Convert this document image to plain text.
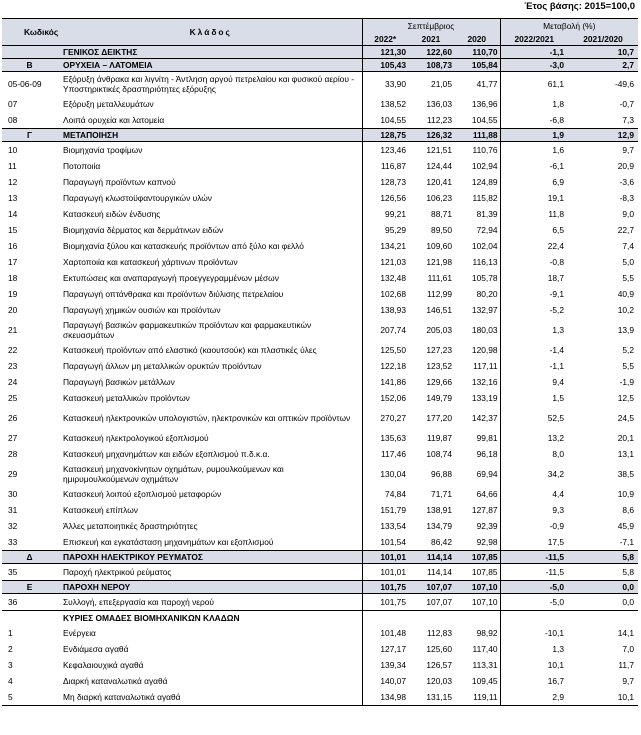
Έτος βάσης: 2015=100,0
Κωδικός	Κλάδος	Σεπτέμβριος			Μεταβολή (%)	
		2022*	2021	2020	2022/2021	2021/2020
	ΓΕΝΙΚΟΣ ΔΕΙΚΤΗΣ	121,30	122,60	110,70	-1,1	10,7
Β	ΟΡΥΧΕΙΑ – ΛΑΤΟΜΕΙΑ	105,43	108,73	105,84	-3,0	2,7
05-06-09	Εξόρυξη άνθρακα και λιγνίτη - Άντληση αργού πετρελαίου και φυσικού αερίου - Υποστηρικτικές δραστηριότητες εξόρυξης	33,90	21,05	41,77	61,1	-49,6
07	Εξόρυξη μεταλλευμάτων	138,52	136,03	136,96	1,8	-0,7
08	Λοιπά ορυχεία και λατομεία	104,55	112,23	104,55	-6,8	7,3
Γ	ΜΕΤΑΠΟΙΗΣΗ	128,75	126,32	111,88	1,9	12,9
10	Βιομηχανία τροφίμων	123,46	121,51	110,76	1,6	9,7
11	Ποτοποιία	116,87	124,44	102,94	-6,1	20,9
12	Παραγωγή προϊόντων καπνού	128,73	120,41	124,89	6,9	-3,6
13	Παραγωγή κλωστοϋφαντουργικών υλών	126,56	106,23	115,82	19,1	-8,3
14	Κατασκευή ειδών ένδυσης	99,21	88,71	81,39	11,8	9,0
15	Βιομηχανία δέρματος και δερμάτινων ειδών	95,29	89,50	72,94	6,5	22,7
16	Βιομηχανία ξύλου και κατασκευής προϊόντων από ξύλο και φελλό	134,21	109,60	102,04	22,4	7,4
17	Χαρτοποιία και κατασκευή χάρτινων προϊόντων	121,03	121,98	116,13	-0,8	5,0
18	Εκτυπώσεις και αναπαραγωγή προεγγεγραμμένων μέσων	132,48	111,61	105,78	18,7	5,5
19	Παραγωγή οπτάνθρακα και προϊόντων διύλισης πετρελαίου	102,68	112,99	80,20	-9,1	40,9
20	Παραγωγή χημικών ουσιών και προϊόντων	138,93	146,51	132,97	-5,2	10,2
21	Παραγωγή βασικών φαρμακευτικών προϊόντων και φαρμακευτικών σκευασμάτων	207,74	205,03	180,03	1,3	13,9
22	Κατασκευή προϊόντων από ελαστικό (καουτσούκ) και πλαστικές ύλες	125,50	127,23	120,98	-1,4	5,2
23	Παραγωγή άλλων μη μεταλλικών ορυκτών προϊόντων	122,18	123,52	117,11	-1,1	5,5
24	Παραγωγή βασικών μετάλλων	141,86	129,66	132,16	9,4	-1,9
25	Κατασκευή μεταλλικών προϊόντων	152,06	149,79	133,19	1,5	12,5
26	Κατασκευή ηλεκτρονικών υπολογιστών, ηλεκτρονικών και οπτικών προϊόντων	270,27	177,20	142,37	52,5	24,5
27	Κατασκευή ηλεκτρολογικού εξοπλισμού	135,63	119,87	99,81	13,2	20,1
28	Κατασκευή μηχανημάτων και ειδών εξοπλισμού π.δ.κ.α.	117,46	108,74	96,18	8,0	13,1
29	Κατασκευή μηχανοκίνητων οχημάτων, ρυμουλκούμενων και ημιρυμουλκούμενων οχημάτων	130,04	96,88	69,94	34,2	38,5
30	Κατασκευή λοιπού εξοπλισμού μεταφορών	74,84	71,71	64,66	4,4	10,9
31	Κατασκευή επίπλων	151,79	138,91	127,87	9,3	8,6
32	Άλλες μεταποιητικές δραστηριότητες	133,54	134,79	92,39	-0,9	45,9
33	Επισκευή και εγκατάσταση μηχανημάτων και εξοπλισμού	101,54	86,42	92,98	17,5	-7,1
Δ	ΠΑΡΟΧΗ ΗΛΕΚΤΡΙΚΟΥ ΡΕΥΜΑΤΟΣ	101,01	114,14	107,85	-11,5	5,8
35	Παροχή ηλεκτρικού ρεύματος	101,01	114,14	107,85	-11,5	5,8
Ε	ΠΑΡΟΧΗ ΝΕΡΟΥ	101,75	107,07	107,10	-5,0	0,0
36	Συλλογή, επεξεργασία και παροχή νερού	101,75	107,07	107,10	-5,0	0,0
	ΚΥΡΙΕΣ ΟΜΑΔΕΣ ΒΙΟΜΗΧΑΝΙΚΩΝ ΚΛΑΔΩΝ					
1	Ενέργεια	101,48	112,83	98,92	-10,1	14,1
2	Ενδιάμεσα αγαθά	127,17	125,60	117,40	1,3	7,0
3	Κεφαλαιουχικά αγαθά	139,34	126,57	113,31	10,1	11,7
4	Διαρκή καταναλωτικά αγαθά	140,07	120,03	109,45	16,7	9,7
5	Μη διαρκή καταναλωτικά αγαθά	134,98	131,15	119,11	2,9	10,1
